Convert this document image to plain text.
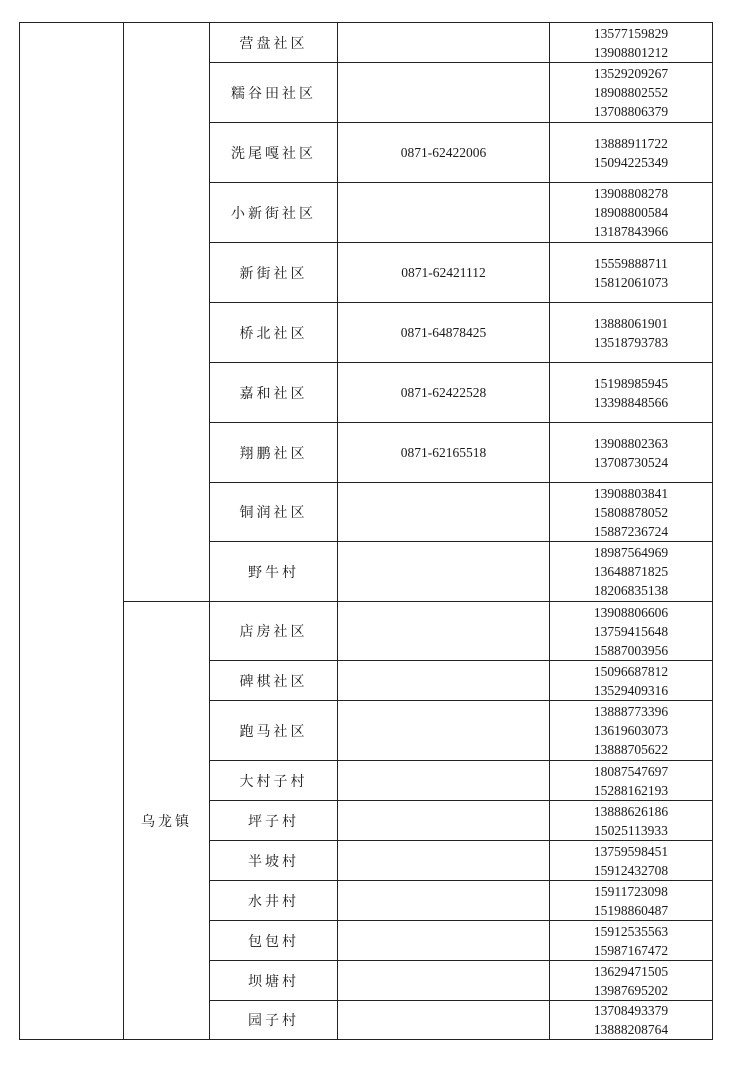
		营盘社区		13577159829
13908801212

		糯谷田社区		13529209267
18908802552
13708806379

		洗尾嘎社区	0871-62422006	13888911722
15094225349

		小新街社区		13908808278
18908800584
13187843966

		新街社区	0871-62421112	15559888711
15812061073

		桥北社区	0871-64878425	13888061901
13518793783

		嘉和社区	0871-62422528	15198985945
13398848566

		翔鹏社区	0871-62165518	13908802363
13708730524

		铜润社区		13908803841
15808878052
15887236724

		野牛村		18987564969
13648871825
18206835138

	乌龙镇	店房社区		13908806606
13759415648
15887003956

		碑棋社区		15096687812
13529409316

		跑马社区		13888773396
13619603073
13888705622

		大村子村		18087547697
15288162193

		坪子村		13888626186
15025113933

		半坡村		13759598451
15912432708

		水井村		15911723098
15198860487

		包包村		15912535563
15987167472

		坝塘村		13629471505
13987695202

		园子村		13708493379
13888208764
